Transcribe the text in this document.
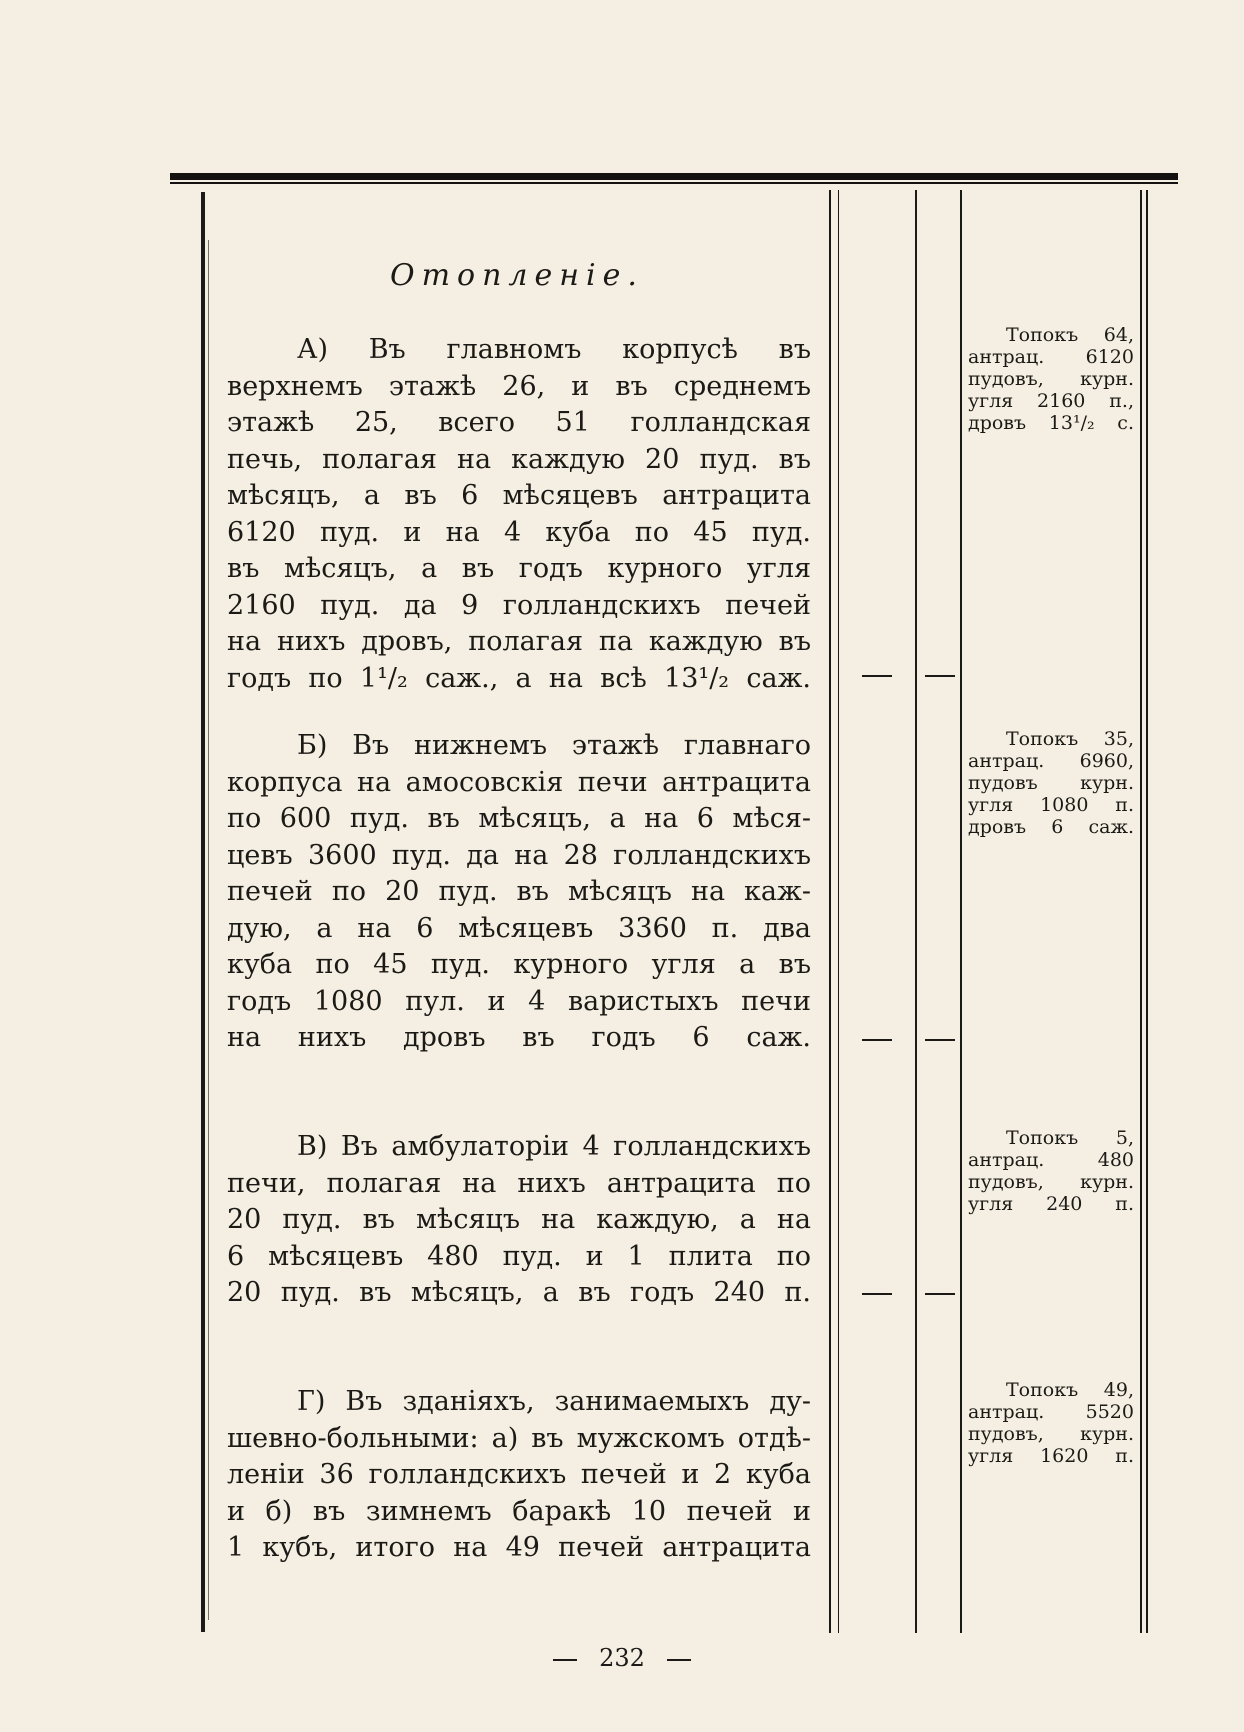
Отопленіе.
А) Въ главномъ корпусѣ въ
верхнемъ этажѣ 26, и въ среднемъ
этажѣ 25, всего 51 голландская
печь, полагая на каждую 20 пуд. въ
мѣсяцъ, а въ 6 мѣсяцевъ антрацита
6120 пуд. и на 4 куба по 45 пуд.
въ мѣсяцъ, а въ годъ курного угля
2160 пуд. да 9 голландскихъ печей
на нихъ дровъ, полагая па каждую въ
годъ по 1¹/₂ саж., а на всѣ 13¹/₂ саж.
Б) Въ нижнемъ этажѣ главнаго
корпуса на амосовскія печи антрацита
по 600 пуд. въ мѣсяцъ, а на 6 мѣся-
цевъ 3600 пуд. да на 28 голландскихъ
печей по 20 пуд. въ мѣсяцъ на каж-
дую, а на 6 мѣсяцевъ 3360 п. два
куба по 45 пуд. курного угля а въ
годъ 1080 пул. и 4 варистыхъ печи
на нихъ дровъ въ годъ 6 саж.
В) Въ амбулаторіи 4 голландскихъ
печи, полагая на нихъ антрацита по
20 пуд. въ мѣсяцъ на каждую, а на
6 мѣсяцевъ 480 пуд. и 1 плита по
20 пуд. въ мѣсяцъ, а въ годъ 240 п.
Г) Въ зданіяхъ, занимаемыхъ ду-
шевно-больными: а) въ мужскомъ отдѣ-
леніи 36 голландскихъ печей и 2 куба
и б) въ зимнемъ баракѣ 10 печей и
1 кубъ, итого на 49 печей антрацита
Топокъ 64,
антрац. 6120
пудовъ, курн.
угля 2160 п.,
дровъ 13¹/₂ с.
Топокъ 35,
антрац. 6960,
пудовъ курн.
угля 1080 п.
дровъ 6 саж.
Топокъ 5,
антрац. 480
пудовъ, курн.
угля 240 п.
Топокъ 49,
антрац. 5520
пудовъ, курн.
угля 1620 п.
232
